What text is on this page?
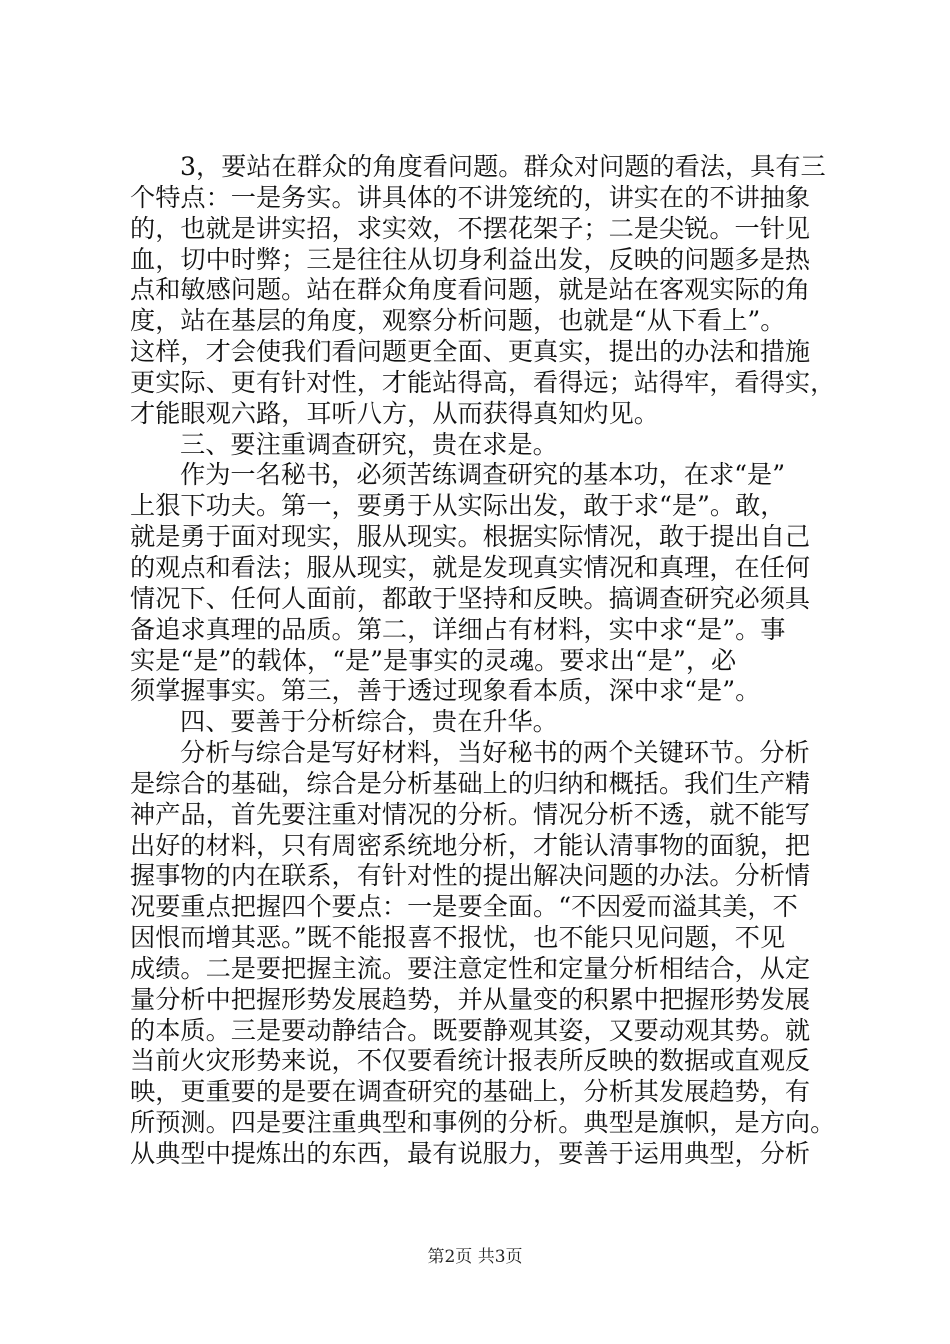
3，要站在群众的角度看问题。群众对问题的看法，具有三
个特点：一是务实。讲具体的不讲笼统的，讲实在的不讲抽象
的，也就是讲实招，求实效，不摆花架子；二是尖锐。一针见
血，切中时弊；三是往往从切身利益出发，反映的问题多是热
点和敏感问题。站在群众角度看问题，就是站在客观实际的角
度，站在基层的角度，观察分析问题，也就是“从下看上”。
这样，才会使我们看问题更全面、更真实，提出的办法和措施
更实际、更有针对性，才能站得高，看得远；站得牢，看得实，
才能眼观六路，耳听八方，从而获得真知灼见。
三、要注重调查研究，贵在求是。
作为一名秘书，必须苦练调查研究的基本功，在求“是”
上狠下功夫。第一，要勇于从实际出发，敢于求“是”。敢，
就是勇于面对现实，服从现实。根据实际情况，敢于提出自己
的观点和看法；服从现实，就是发现真实情况和真理，在任何
情况下、任何人面前，都敢于坚持和反映。搞调查研究必须具
备追求真理的品质。第二，详细占有材料，实中求“是”。事
实是“是”的载体，“是”是事实的灵魂。要求出“是”，必
须掌握事实。第三，善于透过现象看本质，深中求“是”。
四、要善于分析综合，贵在升华。
分析与综合是写好材料，当好秘书的两个关键环节。分析
是综合的基础，综合是分析基础上的归纳和概括。我们生产精
神产品，首先要注重对情况的分析。情况分析不透，就不能写
出好的材料，只有周密系统地分析，才能认清事物的面貌，把
握事物的内在联系，有针对性的提出解决问题的办法。分析情
况要重点把握四个要点：一是要全面。“不因爱而溢其美，不
因恨而增其恶。”既不能报喜不报忧，也不能只见问题，不见
成绩。二是要把握主流。要注意定性和定量分析相结合，从定
量分析中把握形势发展趋势，并从量变的积累中把握形势发展
的本质。三是要动静结合。既要静观其姿，又要动观其势。就
当前火灾形势来说，不仅要看统计报表所反映的数据或直观反
映，更重要的是要在调查研究的基础上，分析其发展趋势，有
所预测。四是要注重典型和事例的分析。典型是旗帜，是方向。
从典型中提炼出的东西，最有说服力，要善于运用典型，分析
第2页 共3页
